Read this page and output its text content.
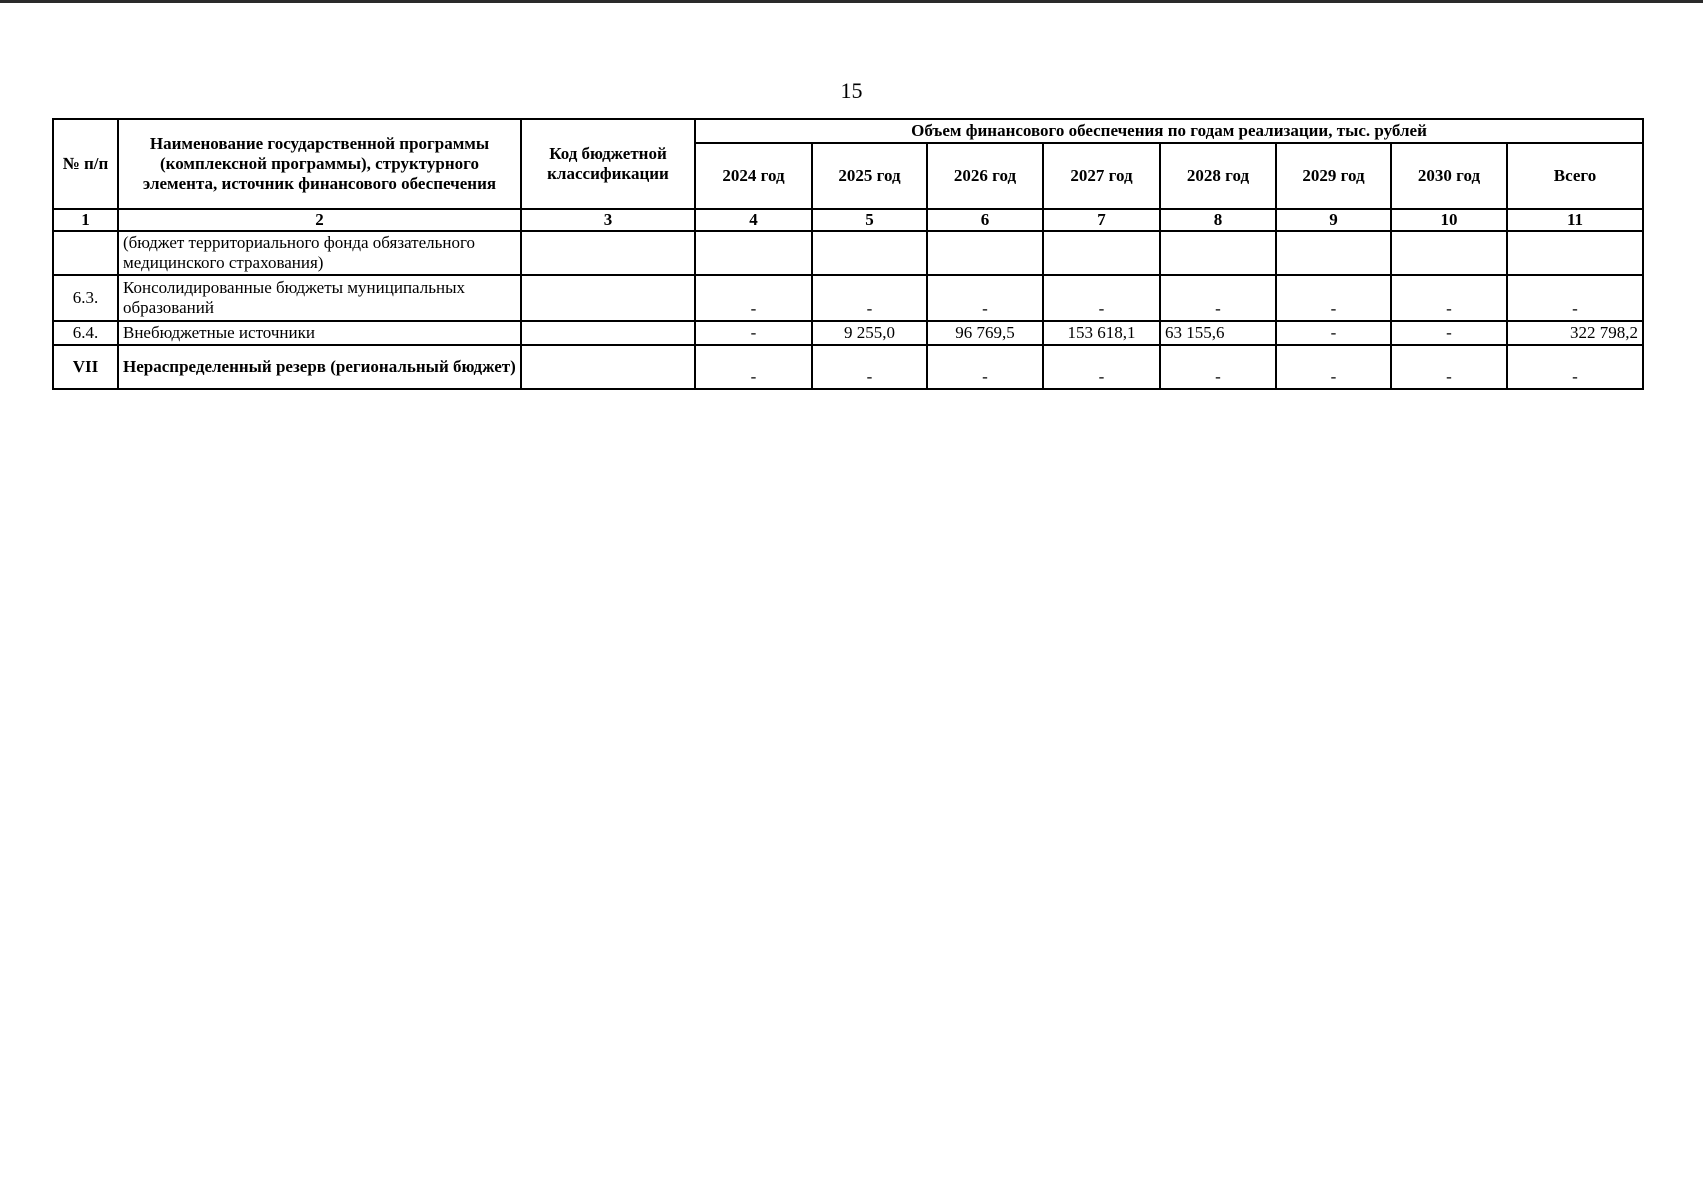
15
№ п/п	Наименование государственной программы (комплексной программы), структурного элемента, источник финансового обеспечения	Код бюджетной классификации	Объем финансового обеспечения по годам реализации, тыс. рублей							
			2024 год	2025 год	2026 год	2027 год	2028 год	2029 год	2030 год	Всего
1	2	3	4	5	6	7	8	9	10	11
	(бюджет территориального фонда обязательного медицинского страхования)									
6.3.	Консолидированные бюджеты муниципальных образований		-	-	-	-	-	-	-	-
6.4.	Внебюджетные источники		-	9 255,0	96 769,5	153 618,1	63 155,6	-	-	322 798,2
VII	Нераспределенный резерв (региональный бюджет)		-	-	-	-	-	-	-	-
